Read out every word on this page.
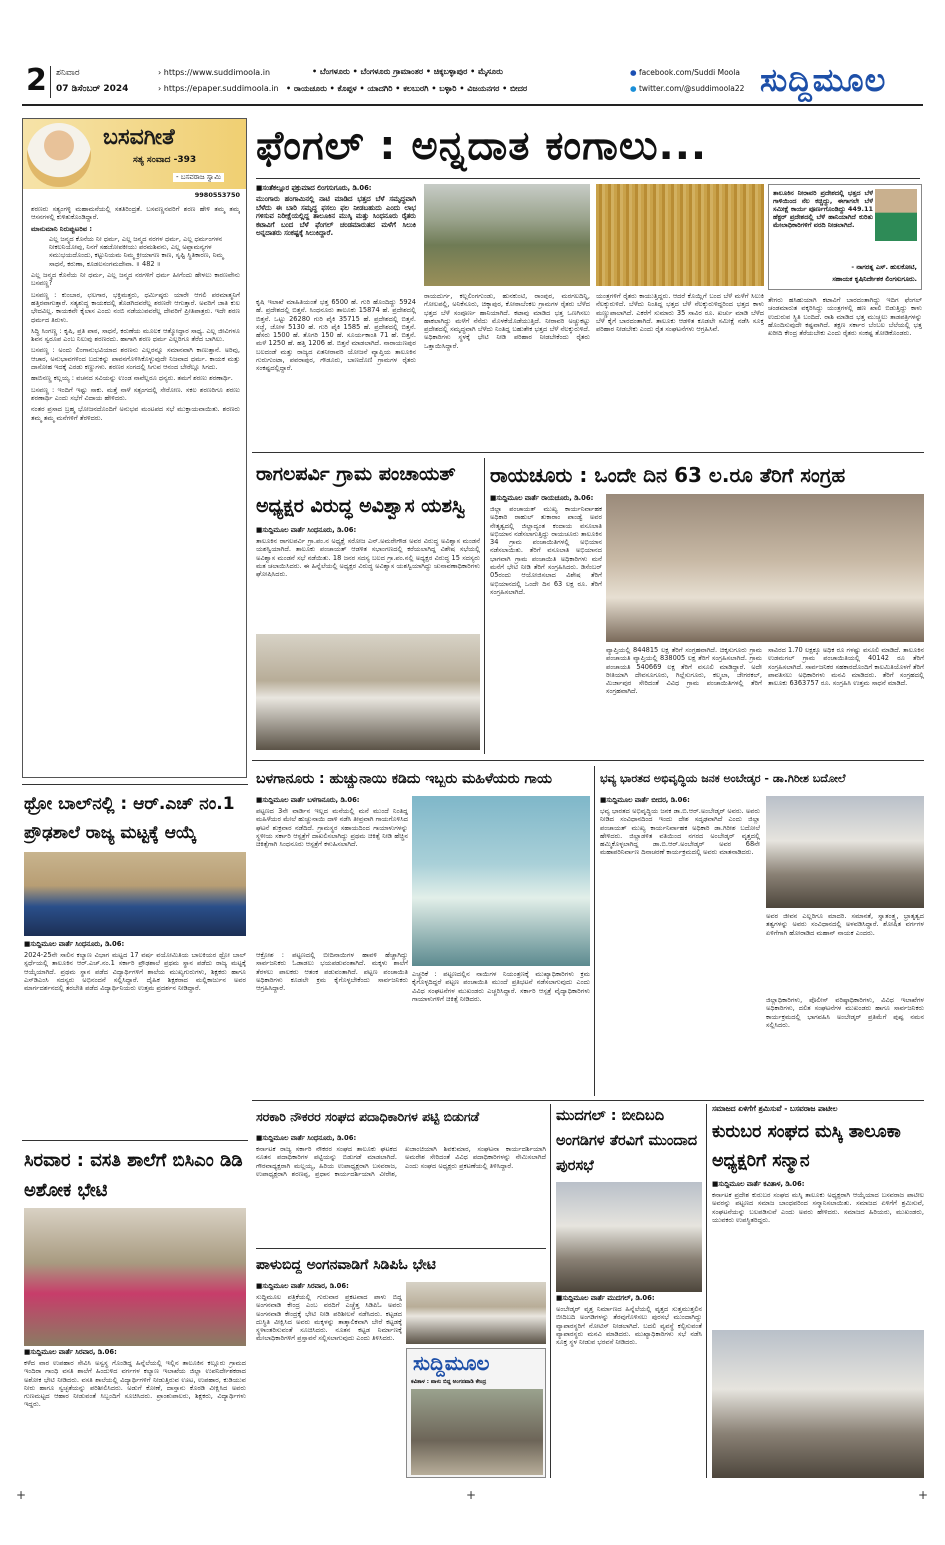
2 ಶನಿವಾರ
07 ಡಿಸೆಂಬರ್ 2024
› https://www.suddimoola.in
› https://epaper.suddimoola.in
• ಬೆಂಗಳೂರು • ಬೆಂಗಳೂರು ಗ್ರಾಮಾಂತರ • ಚಿಕ್ಕಬಳ್ಳಾಪುರ • ಮೈಸೂರು
• ರಾಯಚೂರು • ಕೊಪ್ಪಳ • ಯಾದಗಿರಿ • ಕಲಬುರಗಿ • ಬಳ್ಳಾರಿ • ವಿಜಯನಗರ • ಬೀದರ
● facebook.com/Suddi Moola
● twitter.com/@suddimoola22 ಸುದ್ದಿಮೂಲ
ಬಸವಗೀತೆ
ಸತ್ಯ ಸಂವಾದ -393
- ಬಸವರಾಜ ಸ್ವಾಮಿ
9980553750

ಶರಣರು ಸತ್ಯಂಗಳ್ಳಿ ಮಹಾಮನೆಯಲ್ಲಿ ಸತತಿರಿಂದ್ರತೆ. ಬಸವಣ್ಣನವರಿಗೆ ಶರಣ ಹೇಳಿ ತಮ್ಮ ತಮ್ಮ ಆಸನಗಳಲ್ಲಿ ಕುಳಿತುಕೊಂಡಿದ್ದಾರೆ.

ಮಾನುಮಾನಿ ನಿರುಪ್ಪುಟರಿವ :

ಎಲ್ಲ ಜನ್ಮದ ಕೊನೆಯ ನೀ ಧರ್ಮ, ಎಲ್ಲ ಜನ್ಮದ ನರಗಳ ಧರ್ಮ, ಎಲ್ಲ ಧರ್ಮಂಗಳನ ನೀಕಲನಿಯೋವು, ನಿನಗೆ ಸಹಜೋಪಕೀಯು ಪರಮಶಿವನು, ಎಲ್ಲ ಅಪ್ಪಾಮನ್ಯಗಳ ಸಮುಭಯದೊಂದು, ಕಟ್ಟುನಿಯಮ ನಿಮ್ಮ ಕ್ರೀಯಾಗಣ ಕಾಣ, ಸೃಷ್ಟಿ ಸ್ಥಿತಿಕಾರಣ, ನಿಮ್ಮ ಸಾಧನೆ, ಕರುಣಾ, ಕೂಡಲಸಂಗಮದೇವಾ. ॥ 482 ॥

ಎಲ್ಲ ಜನ್ಮದ ಕೊನೆಯ ನೀ ಧರ್ಮ, ಎಲ್ಲ ಜನ್ಮದ ನರಗಳಿಗೆ ಧರ್ಮ ಹೀಗೆಂದು ಹೇಳಲು ಕಾರಣವೇನು ಬಸವಣ್ಣ?

ಬಸವಣ್ಣ : ಕುಂಬಾರ, ಛಲಗಾರ, ಭಕ್ತಿಮತ್ತರು, ಧರ್ಮಿಷ್ಠರು ಯಾರೇ ಆಗಲಿ ಪರಮಾತ್ಮನಿಗೆ ಹತ್ತಿರವಾಗುತ್ತಾರೆ. ಸತ್ಯಶುದ್ಧ ಕಾಯಕದಲ್ಲಿ ತೊಡಗಿದವರೆಲ್ಲ ಶರಣರೇ ಆಗುತ್ತಾರೆ. ಅವರಿಗೆ ಜಾತಿ ಕುಲ ಭೇದವಿಲ್ಲ. ಕಾಯಕವೇ ಕೈಲಾಸ ಎಂದು ನಂಬಿ ನಡೆಯುವವರೆಲ್ಲ ದೇವರಿಗೆ ಪ್ರೀತಿಪಾತ್ರರು. ಇದೇ ಶರಣ ಧರ್ಮದ ತಿರುಳು.

ಸಿದ್ಧಿ ಸಿಂಗಣ್ಣ : ಕೃಷಿ, ಪ್ರತಿ ಪಾಠ, ಸಾಧನೆ, ಕರುಣೆಯ ಮೂಲಕ ಆತ್ಮೋದ್ಧಾರ ಸಾಧ್ಯ. ಎಲ್ಲ ಜೀವಿಗಳೂ ಶಿವನ ಸ್ವರೂಪ ಎಂಬ ನಿಲುವು ಶರಣರದು. ಹಾಗಾಗಿ ಶರಣ ಧರ್ಮ ಎಲ್ಲರಿಗೂ ತೆರೆದ ಬಾಗಿಲು.

ಬಸವಣ್ಣ : ಅಂದು ಲಿಂಗಾನುಭವಿಯಾದ ಶರಣನು ಎಲ್ಲರನ್ನೂ ಸಮಾನವಾಗಿ ಕಾಣುತ್ತಾನೆ. ಅರಿವು, ಆಚಾರ, ಅನುಭಾವಗಳಿಂದ ಬದುಕನ್ನು ಪಾವನಗೊಳಿಸಿಕೊಳ್ಳುವುದೇ ನಿಜವಾದ ಧರ್ಮ. ಕಾಯಕ ಮತ್ತು ದಾಸೋಹ ಇದಕ್ಕೆ ಎರಡು ಕಣ್ಣುಗಳು. ಶರಣರ ಸಂಗದಲ್ಲಿ ಸಿಗುವ ಆನಂದ ಬೇರೆಲ್ಲೂ ಸಿಗದು.

ಹಾಬಿನಣ್ಣ ಕಲ್ಲಯ್ಯ : ವಚನದ ಸವಿಯನ್ನು ಉಂಡ ನಾವೆಲ್ಲರೂ ಧನ್ಯರು. ತಮಗೆ ಶರಣು ಶರಣಾರ್ಥಿ.

ಬಸವಣ್ಣ : ಇಂದಿಗೆ ಇಷ್ಟು ಸಾಕು. ಮತ್ತೆ ನಾಳೆ ಸತ್ಸಂಗದಲ್ಲಿ ಸೇರೋಣ. ಸಕಲ ಶರಣರಿಗೂ ಶರಣು ಶರಣಾರ್ಥಿ ಎಂದು ಸಭೆಗೆ ವಿದಾಯ ಹೇಳಿದರು.

ನಂತರ ಪ್ರಸಾದ ಬ್ರಹ್ಮ ಭೋಜನದೊಂದಿಗೆ ಅನುಭವ ಮಂಟಪದ ಸಭೆ ಮುಕ್ತಾಯವಾಯಿತು. ಶರಣರು ತಮ್ಮ ತಮ್ಮ ಮನೆಗಳಿಗೆ ತೆರಳಿದರು.

ಫೆಂಗಲ್ : ಅನ್ನದಾತ ಕಂಗಾಲು...
■ಸಂತೆಕಲ್ಲೂರ ಫಕ್ರುಮಾದ ಲಿಂಗಸುಗೂರು, ಡಿ.06:
ಮುಂಗಾರು ಹಂಗಾಮಿನಲ್ಲಿ ನಾಟಿ ಮಾಡಿದ ಭತ್ತದ ಬೆಳೆ ಸಮೃದ್ಧವಾಗಿ ಬೆಳೆದು ಈ ಬಾರಿ ಸಮೃದ್ಧ ಫಸಲು ಫಲ ನೀಡಬಹುದು ಎಂದು ಲಾಭ ಗಳಿಸುವ ನಿರೀಕ್ಷೆಯಲ್ಲಿದ್ದ ತಾಲೂಕಿನ ಮುಸ್ಕಿ ಮತ್ತು ಸಿಂಧನೂರು ರೈತರು ಕಟಾವಿಗೆ ಬಂದ ಬೆಳೆ ಫೆಂಗಲ್ ಚಂಡಮಾರುತದ ಮಳೆಗೆ ಸಿಲುಕಿ ಅನ್ನದಾತರು ಸಂಕಷ್ಟಕ್ಕೆ ಸಿಲುಕಿದ್ದಾರೆ.
ತಾಲೂಕಿನ ನೀರಾವರಿ ಪ್ರದೇಶದಲ್ಲಿ ಭತ್ತದ ಬೆಳೆ ಗಾಳಿಯಿಂದ ನೆಲ ಕಚ್ಚಿದ್ದು, ಈಗಾಗಲೇ ಬೆಳೆ ಸಮೀಕ್ಷೆ ಕಾರ್ಯ ಪೂರ್ಣಗೊಂಡಿದ್ದು 449.11 ಹೆಕ್ಟರ್ ಪ್ರದೇಶದಲ್ಲಿ ಬೆಳೆ ಹಾನಿಯಾಗಿದೆ ಕುರಿತು ಮೇಲಾಧಿಕಾರಿಗಳಿಗೆ ವರದಿ ನೀಡಲಾಗಿದೆ.
- ನಾಗರತ್ನ ಎಸ್. ಹುಲಕೋಟಿ,
ಸಹಾಯಕ ಕೃಷಿನಿರ್ದೇಶಕ ಲಿಂಗಸುಗೂರು.
ಕೃಷಿ ಇಲಾಖೆ ಮಾಹಿತಿಯಂತೆ ಭತ್ತ 6500 ಹೆ. ಗುರಿ ಹೊಂದಿದ್ದು 5924 ಹೆ. ಪ್ರದೇಶದಲ್ಲಿ ಬಿತ್ತನೆ. ಸಿಂಧನೂರು ತಾಲೂಕು 15874 ಹೆ. ಪ್ರದೇಶದಲ್ಲಿ ಬಿತ್ತನೆ. ಒಟ್ಟು 26280 ಗುರಿ ಪೈಕಿ 35715 ಹೆ. ಪ್ರದೇಶದಲ್ಲಿ ಬಿತ್ತನೆ. ಸಜ್ಜೆ, ಜೋಳ 5130 ಹೆ. ಗುರಿ ಪೈಕಿ 1585 ಹೆ. ಪ್ರದೇಶದಲ್ಲಿ ಬಿತ್ತನೆ. ಹೆಸರು 1500 ಹೆ. ತೊಗರಿ 150 ಹೆ. ಸೂರ್ಯಕಾಂತಿ 71 ಹೆ. ಬಿತ್ತನೆ. ಮಳೆ 1250 ಹೆ. ಹತ್ತಿ 1206 ಹೆ. ಬಿತ್ತನೆ ಮಾಡಲಾಗಿದೆ. ನಾರಾಯಣಪುರ ಬಲದಂಡೆ ಮತ್ತು ರಾಜ್ಯದ ಏತನೀರಾವರಿ ಯೋಜನೆ ವ್ಯಾಪ್ತಿಯ ತಾಲೂಕಿನ ಗುರುಗುಂಟಾ, ಪವರಾಪುರ, ಗೌಡೂರು, ಬಾಣದೊಣಿ ಗ್ರಾಮಗಳ ರೈತರು ಸಂಕಷ್ಟದಲ್ಲಿದ್ದಾರೆ.
ರಾಯದುರ್ಗ, ಕಲ್ಲಲಿಂಗಗುಂಡು, ಹುನಕುಂಟಿ, ರಾಂಪುರ, ಮರಗಲದಿನ್ನಿ, ಗೋಲಪಲ್ಲಿ, ಅನಿಕೆಸೂರು, ಚಿಕ್ಕಾಪುರ, ಕೋಠಾಬೆಂಕಲ ಗ್ರಾಮಗಳ ರೈತರು ಬೆಳೆದ ಭತ್ತದ ಬೆಳೆ ಸಂಪೂರ್ಣ ಹಾನಿಯಾಗಿದೆ. ಕಟಾವು ಮಾಡಿದ ಭತ್ತ ಒಣಗಿಸಲು ಹಾಕಲಾಗಿದ್ದು ಮಳೆಗೆ ನೆನೆದು ಮೊಳಕೆಯೊಡೆಯುತ್ತಿದೆ. ನೀರಾವರಿ ಅಚ್ಚುಕಟ್ಟು ಪ್ರದೇಶದಲ್ಲಿ ಸಮೃದ್ಧವಾಗಿ ಬೆಳೆದು ನಿಂತಿದ್ದ ಬಹುತೇಕ ಭತ್ತದ ಬೆಳೆ ನೆಲಕ್ಕುರುಳಿದೆ. ಅಧಿಕಾರಿಗಳು ಸ್ಥಳಕ್ಕೆ ಭೇಟಿ ನೀಡಿ ಪರಿಹಾರ ನೀಡಬೇಕೆಂದು ರೈತರು ಒತ್ತಾಯಿಸಿದ್ದಾರೆ.
ಯಂತ್ರಗಳಿಗೆ ರೈತರು ಕಾಯುತ್ತಿದ್ದರು. ಆದರೆ ಕೊಯ್ಲಿಗೆ ಬಂದ ಬೆಳೆ ಮಳೆಗೆ ಸಿಲುಕಿ ನೆಲಕ್ಕುರುಳಿದೆ. ಬೆಳೆದು ನಿಂತಿದ್ದ ಭತ್ತದ ಬೆಳೆ ನೆಲಕ್ಕುರುಳಿದ್ದರಿಂದ ಭತ್ತದ ಕಾಳು ಮಣ್ಣುಪಾಲಾಗಿದೆ. ಎಕರೆಗೆ ಸುಮಾರು 35 ಸಾವಿರ ರೂ. ಖರ್ಚು ಮಾಡಿ ಬೆಳೆದ ಬೆಳೆ ಕೈಗೆ ಬಾರದಂತಾಗಿದೆ. ತಾಲೂಕು ಆಡಳಿತ ಕೂಡಲೇ ಸಮೀಕ್ಷೆ ನಡೆಸಿ ಸೂಕ್ತ ಪರಿಹಾರ ನೀಡಬೇಕು ಎಂದು ರೈತ ಸಂಘಟನೆಗಳು ಆಗ್ರಹಿಸಿವೆ.
ತೇಗರು ಹಸಿಹುಯಾಗಿ ಕಟಾವಿಗೆ ಬಾರದಂತಾಗಿದ್ದು ಇದಿಗ ಫೆಂಗಲ್ ಚಂಡಮಾರುತ ವಕ್ಕರಿಸಿದ್ದು ಯಂತ್ರಗಳಲ್ಲಿ ಹಣ ಖಾಲಿ ಬಿಡುತ್ತಿದ್ದು ಕಾಳು ಉದುರುವ ಸ್ಥಿತಿ ಬಂದಿದೆ. ರಾಶಿ ಮಾಡಿದ ಭತ್ತ ಮುಚ್ಚಲು ತಾಡಪತ್ರಿಗಳನ್ನು ಹೊಂದಿಸುವುದೇ ಕಷ್ಟವಾಗಿದೆ. ತಕ್ಷಣ ಸರ್ಕಾರ ಬೆಂಬಲ ಬೆಲೆಯಲ್ಲಿ ಭತ್ತ ಖರೀದಿ ಕೇಂದ್ರ ತೆರೆಯಬೇಕು ಎಂದು ರೈತರು ಸಂಕಷ್ಟ ತೋಡಿಕೊಂಡರು.
ರಾಗಲಪರ್ವಿ ಗ್ರಾಮ ಪಂಚಾಯತ್ ಅಧ್ಯಕ್ಷರ ವಿರುದ್ಧ ಅವಿಶ್ವಾಸ ಯಶಸ್ವಿ
■ಸುದ್ದಿಮೂಲ ವಾರ್ತೆ ಸಿಂಧನೂರು, ಡಿ.06:
ತಾಲೂಕಿನ ರಾಗಲಪರ್ವಿ ಗ್ರಾ.ಪಂ.ನ ಅಧ್ಯಕ್ಷೆ ಸರೋಜ ಎನ್.ಅಮರೇಗೌಡ ಅವರ ವಿರುದ್ಧ ಅವಿಶ್ವಾಸ ಮಂಡನೆ ಯಶಸ್ವಿಯಾಗಿದೆ. ತಾಲೂಕು ಪಂಚಾಯತ್ ಆಡಳಿತ ಸಭಾಂಗಣದಲ್ಲಿ ಕರೆಯಲಾಗಿದ್ದ ವಿಶೇಷ ಸಭೆಯಲ್ಲಿ ಅವಿಶ್ವಾಸ ಮಂಡನೆ ಸಭೆ ನಡೆಯಿತು. 18 ಜನರ ಸದಸ್ಯ ಬಲದ ಗ್ರಾ.ಪಂ.ನಲ್ಲಿ ಅಧ್ಯಕ್ಷರ ವಿರುದ್ಧ 15 ಸದಸ್ಯರು ಮತ ಚಲಾಯಿಸಿದರು. ಈ ಹಿನ್ನೆಲೆಯಲ್ಲಿ ಅಧ್ಯಕ್ಷರ ವಿರುದ್ಧ ಅವಿಶ್ವಾಸ ಯಶಸ್ವಿಯಾಗಿದ್ದು ಚುನಾವಣಾಧಿಕಾರಿಗಳು ಘೋಷಿಸಿದರು.
ರಾಯಚೂರು : ಒಂದೇ ದಿನ 63 ಲ.ರೂ ತೆರಿಗೆ ಸಂಗ್ರಹ
■ಸುದ್ದಿಮೂಲ ವಾರ್ತೆ ರಾಯಚೂರು, ಡಿ.06:
ಜಿಲ್ಲಾ ಪಂಚಾಯತ್ ಮುಖ್ಯ ಕಾರ್ಯನಿರ್ವಾಹಕ ಅಧಿಕಾರಿ ರಾಹುಲ್ ತುಕಾರಾಂ ಪಾಂಡ್ವೆ ಅವರ ನೇತೃತ್ವದಲ್ಲಿ ಜಿಲ್ಲಾದ್ಯಂತ ಕಂದಾಯ ವಸೂಲಾತಿ ಅಭಿಯಾನ ನಡೆಸಲಾಗುತ್ತಿದ್ದು ರಾಯಚೂರು ತಾಲೂಕಿನ 34 ಗ್ರಾಮ ಪಂಚಾಯಿತಿಗಳಲ್ಲಿ ಅಭಿಯಾನ ನಡೆಸಲಾಯಿತು. ತೆರಿಗೆ ವಸೂಲಾತಿ ಅಭಿಯಾನದ ಭಾಗವಾಗಿ ಗ್ರಾಮ ಪಂಚಾಯಿತಿ ಅಧಿಕಾರಿಗಳು ಮನೆ ಮನೆಗೆ ಭೇಟಿ ನೀಡಿ ತೆರಿಗೆ ಸಂಗ್ರಹಿಸಿದರು. ಡಿಸೆಂಬರ್ 05ರಂದು ಆಯೋಜಿಸಲಾದ ವಿಶೇಷ ತೆರಿಗೆ ಅಭಿಯಾನದಲ್ಲಿ ಒಂದೇ ದಿನ 63 ಲಕ್ಷ ರೂ. ತೆರಿಗೆ ಸಂಗ್ರಹಿಸಲಾಗಿದೆ.
ವ್ಯಾಪ್ತಿಯಲ್ಲಿ 844815 ಲಕ್ಷ ತೆರಿಗೆ ಸಂಗ್ರಹವಾಗಿದೆ. ಚಿಕ್ಕಸುಗೂರು ಗ್ರಾಮ ಪಂಚಾಯತಿ ವ್ಯಾಪ್ತಿಯಲ್ಲಿ 838005 ಲಕ್ಷ ತೆರಿಗೆ ಸಂಗ್ರಹಿಸಲಾಗಿದೆ. ಗ್ರಾಮ ಪಂಚಾಯತಿ 540669 ಲಕ್ಷ ತೆರಿಗೆ ವಸೂಲಿ ಮಾಡಿದ್ದಾರೆ. ಅದೇ ರೀತಿಯಾಗಿ ದೇವಸೂಗೂರು, ಗಿಲ್ಲೆಸುಗೂರು, ಕಲ್ಮಲಾ, ಜೇಗರಕಲ್, ಮಿರ್ಜಾಪುರ ಸೇರಿದಂತೆ ವಿವಿಧ ಗ್ರಾಮ ಪಂಚಾಯಿತಿಗಳಲ್ಲಿ ತೆರಿಗೆ ಸಂಗ್ರಹವಾಗಿದೆ.
ಸಾವಿರದ 1.70 ಲಕ್ಷಕ್ಕೂ ಅಧಿಕ ರೂ ಗಳಷ್ಟು ವಸೂಲಿ ಮಾಡಿದೆ. ತಾಲೂಕಿನ ಉಡಮಗಲ್ ಗ್ರಾಮ ಪಂಚಾಯಿತಿಯಲ್ಲಿ 40142 ರೂ ತೆರಿಗೆ ಸಂಗ್ರಹಿಸಲಾಗಿದೆ. ಸಾರ್ವಜನಿಕರ ಸಹಕಾರದೊಂದಿಗೆ ಕಾಲಮಿತಿಯೊಳಗೆ ತೆರಿಗೆ ಪಾವತಿಸಲು ಅಧಿಕಾರಿಗಳು ಮನವಿ ಮಾಡಿದರು. ತೆರಿಗೆ ಸಂಗ್ರಹದಲ್ಲಿ ತಾಲೂಕು 6363757 ರೂ. ಸಂಗ್ರಹಿಸಿ ಉತ್ತಮ ಸಾಧನೆ ಮಾಡಿದೆ.
ಥ್ರೋ ಬಾಲ್‌ನಲ್ಲಿ : ಆರ್.ಎಚ್ ನಂ.1 ಪ್ರೌಢಶಾಲೆ ರಾಜ್ಯ ಮಟ್ಟಕ್ಕೆ ಆಯ್ಕೆ
■ಸುದ್ದಿಮೂಲ ವಾರ್ತೆ ಸಿಂಧನೂರು, ಡಿ.06:
2024-25ನೇ ಸಾಲಿನ ಕಲ್ಯಾಣ ವಿಭಾಗ ಮಟ್ಟದ 17 ವರ್ಷ ವಯೋಮಿತಿಯ ಬಾಲಕಿಯರ ಥ್ರೋ ಬಾಲ್ ಸ್ಪರ್ಧೆಯಲ್ಲಿ ತಾಲೂಕಿನ ಆರ್.ಎಚ್.ನಂ.1 ಸರ್ಕಾರಿ ಪ್ರೌಢಶಾಲೆ ಪ್ರಥಮ ಸ್ಥಾನ ಪಡೆದು ರಾಜ್ಯ ಮಟ್ಟಕ್ಕೆ ಆಯ್ಕೆಯಾಗಿದೆ. ಪ್ರಥಮ ಸ್ಥಾನ ಪಡೆದ ವಿದ್ಯಾರ್ಥಿಗಳಿಗೆ ಶಾಲೆಯ ಮುಖ್ಯಗುರುಗಳು, ಶಿಕ್ಷಕರು ಹಾಗೂ ಎಸ್‌ಡಿಎಂಸಿ ಸದಸ್ಯರು ಅಭಿನಂದನೆ ಸಲ್ಲಿಸಿದ್ದಾರೆ. ದೈಹಿಕ ಶಿಕ್ಷಕರಾದ ಮಲ್ಲಿಕಾರ್ಜುನ ಅವರ ಮಾರ್ಗದರ್ಶನದಲ್ಲಿ ತರಬೇತಿ ಪಡೆದ ವಿದ್ಯಾರ್ಥಿನಿಯರು ಉತ್ತಮ ಪ್ರದರ್ಶನ ನೀಡಿದ್ದಾರೆ.
ಸಿರವಾರ : ವಸತಿ ಶಾಲೆಗೆ ಬಿಸಿಎಂ ಡಿಡಿ ಅಶೋಕ ಭೇಟಿ
■ಸುದ್ದಿಮೂಲ ವಾರ್ತೆ ಸಿರವಾರ, ಡಿ.06:
ಕಳೆದ ವಾರ ಉಪಹಾರ ಸೇವಿಸಿ ಅಸ್ವಸ್ಥ ಗೊಂಡಿದ್ದ ಹಿನ್ನೆಲೆಯಲ್ಲಿ ಇಲ್ಲಿನ ತಾಲೂಕಿನ ಕಲ್ಲೂರು ಗ್ರಾಮದ ಇಂದಿರಾ ಗಾಂಧಿ ವಸತಿ ಶಾಲೆಗೆ ಹಿಂದುಳಿದ ವರ್ಗಗಳ ಕಲ್ಯಾಣ ಇಲಾಖೆಯ ಜಿಲ್ಲಾ ಉಪನಿರ್ದೇಶಕರಾದ ಅಶೋಕ ಭೇಟಿ ನೀಡಿದರು. ವಸತಿ ಶಾಲೆಯಲ್ಲಿ ವಿದ್ಯಾರ್ಥಿಗಳಿಗೆ ನೀಡುತ್ತಿರುವ ಊಟ, ಉಪಹಾರ, ಕುಡಿಯುವ ನೀರು ಹಾಗೂ ಸ್ವಚ್ಛತೆಯನ್ನು ಪರಿಶೀಲಿಸಿದರು. ಅಡುಗೆ ಕೋಣೆ, ದಾಸ್ತಾನು ಕೊಠಡಿ ವೀಕ್ಷಿಸಿದ ಅವರು ಗುಣಮಟ್ಟದ ಆಹಾರ ನೀಡುವಂತೆ ಸಿಬ್ಬಂದಿಗೆ ಸೂಚಿಸಿದರು. ಪ್ರಾಂಶುಪಾಲರು, ಶಿಕ್ಷಕರು, ವಿದ್ಯಾರ್ಥಿಗಳು ಇದ್ದರು.
ಬಳಗಾನೂರು : ಹುಚ್ಚುನಾಯಿ ಕಡಿದು ಇಬ್ಬರು ಮಹಿಳೆಯರು ಗಾಯ
■ಸುದ್ದಿಮೂಲ ವಾರ್ತೆ ಬಳಗಾನೂರು, ಡಿ.06:
ಪಟ್ಟಣದ 3ನೇ ವಾರ್ಡಿನ ಇಲ್ಲದ ಮನೆಯಲ್ಲಿ ಮನೆ ಮುಂದೆ ನಿಂತಿದ್ದ ಮಹಿಳೆಯರ ಮೇಲೆ ಹುಚ್ಚುನಾಯಿ ದಾಳಿ ನಡೆಸಿ ತೀವ್ರವಾಗಿ ಗಾಯಗೊಳಿಸಿದ ಘಟನೆ ಶುಕ್ರವಾರ ನಡೆದಿದೆ. ಗ್ರಾಮಸ್ಥರ ಸಹಾಯದಿಂದ ಗಾಯಾಳುಗಳನ್ನು ಸ್ಥಳೀಯ ಸರ್ಕಾರಿ ಆಸ್ಪತ್ರೆಗೆ ದಾಖಲಿಸಲಾಗಿದ್ದು ಪ್ರಥಮ ಚಿಕಿತ್ಸೆ ನೀಡಿ ಹೆಚ್ಚಿನ ಚಿಕಿತ್ಸೆಗಾಗಿ ಸಿಂಧನೂರು ಆಸ್ಪತ್ರೆಗೆ ಕಳುಹಿಸಲಾಗಿದೆ.
ಆಕ್ರೋಶ : ಪಟ್ಟಣದಲ್ಲಿ ಬೀದಿನಾಯಿಗಳ ಹಾವಳಿ ಹೆಚ್ಚಾಗಿದ್ದು ಸಾರ್ವಜನಿಕರು ಓಡಾಡಲು ಭಯಪಡುವಂತಾಗಿದೆ. ಮಕ್ಕಳು ಶಾಲೆಗೆ ತೆರಳಲು ಪಾಲಕರು ಆತಂಕ ಪಡುವಂತಾಗಿದೆ. ಪಟ್ಟಣ ಪಂಚಾಯಿತಿ ಅಧಿಕಾರಿಗಳು ಕೂಡಲೇ ಕ್ರಮ ಕೈಗೊಳ್ಳಬೇಕೆಂದು ಸಾರ್ವಜನಿಕರು ಆಗ್ರಹಿಸಿದ್ದಾರೆ.
ಎಚ್ಚರಿಕೆ : ಪಟ್ಟಣದಲ್ಲಿನ ನಾಯಿಗಳ ನಿಯಂತ್ರಣಕ್ಕೆ ಮುಖ್ಯಾಧಿಕಾರಿಗಳು ಕ್ರಮ ಕೈಗೊಳ್ಳದಿದ್ದರೆ ಪಟ್ಟಣ ಪಂಚಾಯಿತಿ ಮುಂದೆ ಪ್ರತಿಭಟನೆ ನಡೆಸಲಾಗುವುದು ಎಂದು ವಿವಿಧ ಸಂಘಟನೆಗಳ ಮುಖಂಡರು ಎಚ್ಚರಿಸಿದ್ದಾರೆ. ಸರ್ಕಾರಿ ಆಸ್ಪತ್ರೆ ವೈದ್ಯಾಧಿಕಾರಿಗಳು ಗಾಯಾಳುಗಳಿಗೆ ಚಿಕಿತ್ಸೆ ನೀಡಿದರು.
ಭವ್ಯ ಭಾರತದ ಅಭಿವೃದ್ಧಿಯ ಜನಕ ಅಂಬೇಡ್ಕರ - ಡಾ.ಗಿರೀಶ ಬದೋಲೆ
■ಸುದ್ದಿಮೂಲ ವಾರ್ತೆ ಬೀದರ, ಡಿ.06:
ಭವ್ಯ ಭಾರತದ ಅಭಿವೃದ್ಧಿಯ ಜನಕ ಡಾ.ಬಿ.ಆರ್.ಅಂಬೇಡ್ಕರ್ ಅವರು. ಅವರು ನೀಡಿದ ಸಂವಿಧಾನದಿಂದ ಇಂದು ದೇಶ ಸದೃಢವಾಗಿದೆ ಎಂದು ಜಿಲ್ಲಾ ಪಂಚಾಯತ್ ಮುಖ್ಯ ಕಾರ್ಯನಿರ್ವಾಹಕ ಅಧಿಕಾರಿ ಡಾ.ಗಿರೀಶ ಬದೋಲೆ ಹೇಳಿದರು. ಜಿಲ್ಲಾಡಳಿತ ವತಿಯಿಂದ ನಗರದ ಅಂಬೇಡ್ಕರ್ ವೃತ್ತದಲ್ಲಿ ಹಮ್ಮಿಕೊಳ್ಳಲಾಗಿದ್ದ ಡಾ.ಬಿ.ಆರ್.ಅಂಬೇಡ್ಕರ್ ಅವರ 68ನೇ ಮಹಾಪರಿನಿರ್ವಾಣ ದಿನಾಚರಣೆ ಕಾರ್ಯಕ್ರಮದಲ್ಲಿ ಅವರು ಮಾತನಾಡಿದರು.
ಅವರ ಜೀವನ ಎಲ್ಲರಿಗೂ ಮಾದರಿ. ಸಮಾನತೆ, ಸ್ವಾತಂತ್ರ್ಯ, ಭ್ರಾತೃತ್ವದ ತತ್ವಗಳನ್ನು ಅವರು ಸಂವಿಧಾನದಲ್ಲಿ ಅಳವಡಿಸಿದ್ದಾರೆ. ಶೋಷಿತ ವರ್ಗಗಳ ಏಳಿಗೆಗಾಗಿ ಹೋರಾಡಿದ ಮಹಾನ್ ನಾಯಕ ಎಂದರು.
ಜಿಲ್ಲಾಧಿಕಾರಿಗಳು, ಪೊಲೀಸ್ ವರಿಷ್ಠಾಧಿಕಾರಿಗಳು, ವಿವಿಧ ಇಲಾಖೆಗಳ ಅಧಿಕಾರಿಗಳು, ದಲಿತ ಸಂಘಟನೆಗಳ ಮುಖಂಡರು ಹಾಗೂ ಸಾರ್ವಜನಿಕರು ಕಾರ್ಯಕ್ರಮದಲ್ಲಿ ಭಾಗವಹಿಸಿ ಅಂಬೇಡ್ಕರ್ ಪ್ರತಿಮೆಗೆ ಪುಷ್ಪ ನಮನ ಸಲ್ಲಿಸಿದರು.
ಸರಕಾರಿ ನೌಕರರ ಸಂಘದ ಪದಾಧಿಕಾರಿಗಳ ಪಟ್ಟಿ ಬಿಡುಗಡೆ
■ಸುದ್ದಿಮೂಲ ವಾರ್ತೆ ಸಿಂಧನೂರು, ಡಿ.06:
ಕರ್ನಾಟಕ ರಾಜ್ಯ ಸರ್ಕಾರಿ ನೌಕರರ ಸಂಘದ ತಾಲೂಕು ಘಟಕದ ನೂತನ ಪದಾಧಿಕಾರಿಗಳ ಪಟ್ಟಿಯನ್ನು ಬಿಡುಗಡೆ ಮಾಡಲಾಗಿದೆ. ಗೌರವಾಧ್ಯಕ್ಷರಾಗಿ ಮಲ್ಲಯ್ಯ, ಹಿರಿಯ ಉಪಾಧ್ಯಕ್ಷರಾಗಿ ಬಸವರಾಜ, ಉಪಾಧ್ಯಕ್ಷರಾಗಿ ಶರಣಪ್ಪ, ಪ್ರಧಾನ ಕಾರ್ಯದರ್ಶಿಯಾಗಿ ವೀರೇಶ, ಖಜಾಂಚಿಯಾಗಿ ಶಿವಕುಮಾರ, ಸಂಘಟನಾ ಕಾರ್ಯದರ್ಶಿಯಾಗಿ ಅಮರೇಶ ಸೇರಿದಂತೆ ವಿವಿಧ ಪದಾಧಿಕಾರಿಗಳನ್ನು ನೇಮಿಸಲಾಗಿದೆ ಎಂದು ಸಂಘದ ಅಧ್ಯಕ್ಷರು ಪ್ರಕಟಣೆಯಲ್ಲಿ ತಿಳಿಸಿದ್ದಾರೆ.
ಪಾಳುಬಿದ್ದ ಅಂಗನವಾಡಿಗೆ ಸಿಡಿಪಿಓ ಭೇಟಿ
■ಸುದ್ದಿಮೂಲ ವಾರ್ತೆ ಸಿರವಾರ, ಡಿ.06:
ಸುದ್ದಿಮೂಲ ಪತ್ರಿಕೆಯಲ್ಲಿ ಗುರುವಾರ ಪ್ರಕಟವಾದ ಪಾಳು ಬಿದ್ದ ಅಂಗನವಾಡಿ ಕೇಂದ್ರ ಎಂಬ ವರದಿಗೆ ಎಚ್ಚೆತ್ತ ಸಿಡಿಪಿಓ ಅವರು ಅಂಗನವಾಡಿ ಕೇಂದ್ರಕ್ಕೆ ಭೇಟಿ ನೀಡಿ ಪರಿಶೀಲನೆ ನಡೆಸಿದರು. ಕಟ್ಟಡದ ದುಸ್ಥಿತಿ ವೀಕ್ಷಿಸಿದ ಅವರು ಮಕ್ಕಳನ್ನು ತಾತ್ಕಾಲಿಕವಾಗಿ ಬೇರೆ ಕಟ್ಟಡಕ್ಕೆ ಸ್ಥಳಾಂತರಿಸುವಂತೆ ಸೂಚಿಸಿದರು. ನೂತನ ಕಟ್ಟಡ ನಿರ್ಮಾಣಕ್ಕೆ ಮೇಲಾಧಿಕಾರಿಗಳಿಗೆ ಪ್ರಸ್ತಾವನೆ ಸಲ್ಲಿಸಲಾಗುವುದು ಎಂದು ತಿಳಿಸಿದರು.
ಸುದ್ದಿಮೂಲ
ಕವಿತಾಳ : ಪಾಳು ಬಿದ್ದ ಅಂಗನವಾಡಿ ಕೇಂದ್ರ
ಮುದಗಲ್ : ಬೀದಿಬದಿ ಅಂಗಡಿಗಳ ತೆರವಿಗೆ ಮುಂದಾದ ಪುರಸಭೆ
■ಸುದ್ದಿಮೂಲ ವಾರ್ತೆ ಮುದಗಲ್, ಡಿ.06:
ಅಂಬೇಡ್ಕರ್ ವೃತ್ತ ನಿರ್ಮಾಣದ ಹಿನ್ನೆಲೆಯಲ್ಲಿ ವೃತ್ತದ ಸುತ್ತಮುತ್ತಲಿನ ಬೀದಿಬದಿ ಅಂಗಡಿಗಳನ್ನು ತೆರವುಗೊಳಿಸಲು ಪುರಸಭೆ ಮುಂದಾಗಿದ್ದು ವ್ಯಾಪಾರಸ್ಥರಿಗೆ ನೋಟಿಸ್ ನೀಡಲಾಗಿದೆ. ಬದಲಿ ವ್ಯವಸ್ಥೆ ಕಲ್ಪಿಸುವಂತೆ ವ್ಯಾಪಾರಸ್ಥರು ಮನವಿ ಮಾಡಿದರು. ಮುಖ್ಯಾಧಿಕಾರಿಗಳು ಸಭೆ ನಡೆಸಿ ಸೂಕ್ತ ಸ್ಥಳ ನೀಡುವ ಭರವಸೆ ನೀಡಿದರು.
ಸಮಾಜದ ಏಳಿಗೆಗೆ ಶ್ರಮಿಸುವೆ - ಬಸವರಾಜ ಪಾಟೀಲ
ಕುರುಬರ ಸಂಘದ ಮಸ್ಕಿ ತಾಲೂಕಾ ಅಧ್ಯಕ್ಷರಿಗೆ ಸನ್ಮಾನ
■ಸುದ್ದಿಮೂಲ ವಾರ್ತೆ ಕವಿತಾಳ, ಡಿ.06:
ಕರ್ನಾಟಕ ಪ್ರದೇಶ ಕುರುಬರ ಸಂಘದ ಮಸ್ಕಿ ತಾಲೂಕು ಅಧ್ಯಕ್ಷರಾಗಿ ಆಯ್ಕೆಯಾದ ಬಸವರಾಜ ಪಾಟೀಲ ಅವರನ್ನು ಪಟ್ಟಣದ ಸಮಾಜ ಬಾಂಧವರಿಂದ ಸನ್ಮಾನಿಸಲಾಯಿತು. ಸಮಾಜದ ಏಳಿಗೆಗೆ ಶ್ರಮಿಸುವೆ, ಸಂಘಟನೆಯನ್ನು ಬಲಪಡಿಸುವೆ ಎಂದು ಅವರು ಹೇಳಿದರು. ಸಮಾಜದ ಹಿರಿಯರು, ಮುಖಂಡರು, ಯುವಕರು ಉಪಸ್ಥಿತರಿದ್ದರು.
+	+	+
